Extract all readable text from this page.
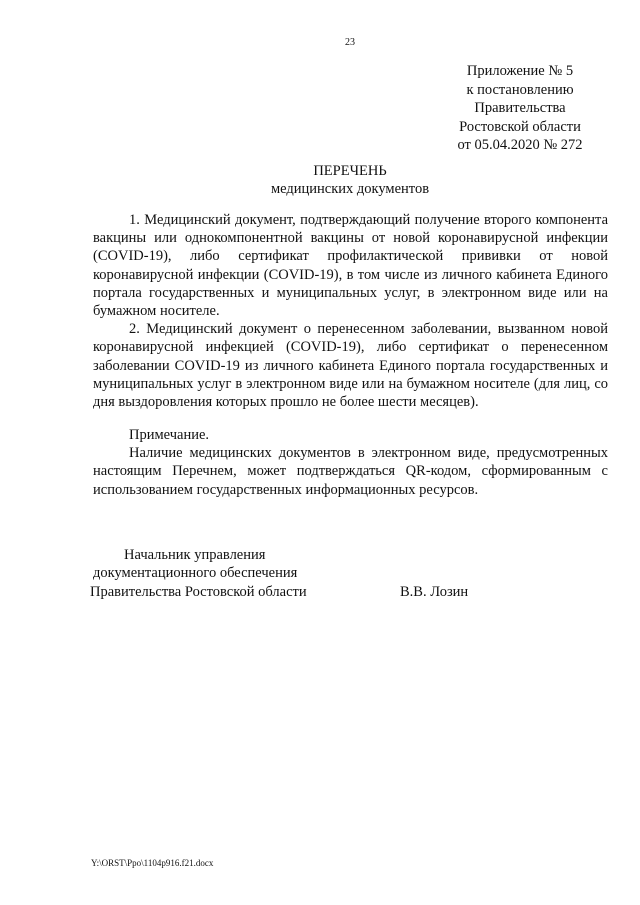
23
Приложение № 5
к постановлению
Правительства
Ростовской области
от 05.04.2020 № 272
ПЕРЕЧЕНЬ
медицинских документов

1. Медицинский документ, подтверждающий получение второго компонента вакцины или однокомпонентной вакцины от новой коронавирусной инфекции (COVID-19), либо сертификат профилактической прививки от новой коронавирусной инфекции (COVID-19), в том числе из личного кабинета Единого портала государственных и муниципальных услуг, в электронном виде или на бумажном носителе.

2. Медицинский документ о перенесенном заболевании, вызванном новой коронавирусной инфекцией (COVID-19), либо сертификат о перенесенном заболевании COVID-19 из личного кабинета Единого портала государственных и муниципальных услуг в электронном виде или на бумажном носителе (для лиц, со дня выздоровления которых прошло не более шести месяцев).

Примечание.

Наличие медицинских документов в электронном виде, предусмотренных настоящим Перечнем, может подтверждаться QR-кодом, сформированным с использованием государственных информационных ресурсов.

Начальник управления
документационного обеспечения
Правительства Ростовской области	В.В. Лозин
Y:\ORST\Ppo\1104p916.f21.docx
